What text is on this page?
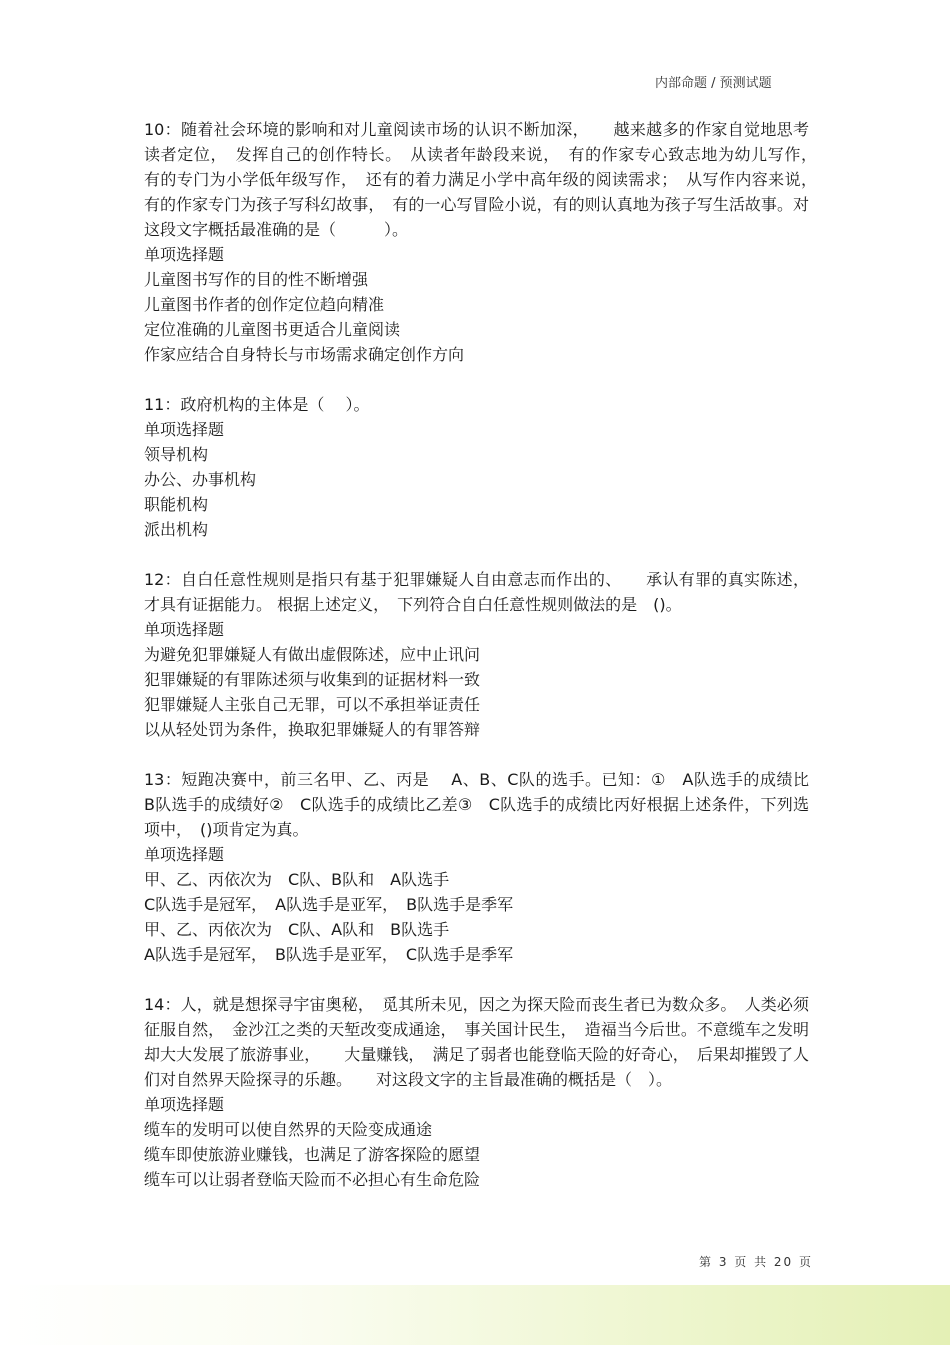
内部命题 / 预测试题

10：随着社会环境的影响和对儿童阅读市场的认识不断加深，　　越来越多的作家自觉地思考读者定位，　发挥自己的创作特长。　从读者年龄段来说，　有的作家专心致志地为幼儿写作，　有的专门为小学低年级写作，　还有的着力满足小学中高年级的阅读需求；　从写作内容来说，　有的作家专门为孩子写科幻故事，　有的一心写冒险小说，有的则认真地为孩子写生活故事。对这段文字概括最准确的是（　　　）。

单项选择题

儿童图书写作的目的性不断增强

儿童图书作者的创作定位趋向精准

定位准确的儿童图书更适合儿童阅读

作家应结合自身特长与市场需求确定创作方向

11：政府机构的主体是（　 ）。

单项选择题

领导机构

办公、办事机构

职能机构

派出机构

12：自白任意性规则是指只有基于犯罪嫌疑人自由意志而作出的、　　承认有罪的真实陈述，才具有证据能力。 根据上述定义，　下列符合自白任意性规则做法的是　()。

单项选择题

为避免犯罪嫌疑人有做出虚假陈述，应中止讯问

犯罪嫌疑的有罪陈述须与收集到的证据材料一致

犯罪嫌疑人主张自己无罪，可以不承担举证责任

以从轻处罚为条件，换取犯罪嫌疑人的有罪答辩

13：短跑决赛中，前三名甲、乙、丙是　 A、B、C队的选手。已知：①　A队选手的成绩比　B队选手的成绩好②　C队选手的成绩比乙差③　C队选手的成绩比丙好根据上述条件，下列选项中，　()项肯定为真。

单项选择题

甲、乙、丙依次为　C队、B队和　A队选手

C队选手是冠军，　A队选手是亚军，　B队选手是季军

甲、乙、丙依次为　C队、A队和　B队选手

A队选手是冠军，　B队选手是亚军，　C队选手是季军

14：人，就是想探寻宇宙奥秘，　觅其所未见，因之为探天险而丧生者已为数众多。　人类必须征服自然，　金沙江之类的天堑改变成通途，　事关国计民生，　造福当今后世。不意缆车之发明却大大发展了旅游事业，　　大量赚钱，　满足了弱者也能登临天险的好奇心，　后果却摧毁了人们对自然界天险探寻的乐趣。　　对这段文字的主旨最准确的概括是（　）。

单项选择题

缆车的发明可以使自然界的天险变成通途

缆车即使旅游业赚钱，也满足了游客探险的愿望

缆车可以让弱者登临天险而不必担心有生命危险

第 3 页 共 20 页
